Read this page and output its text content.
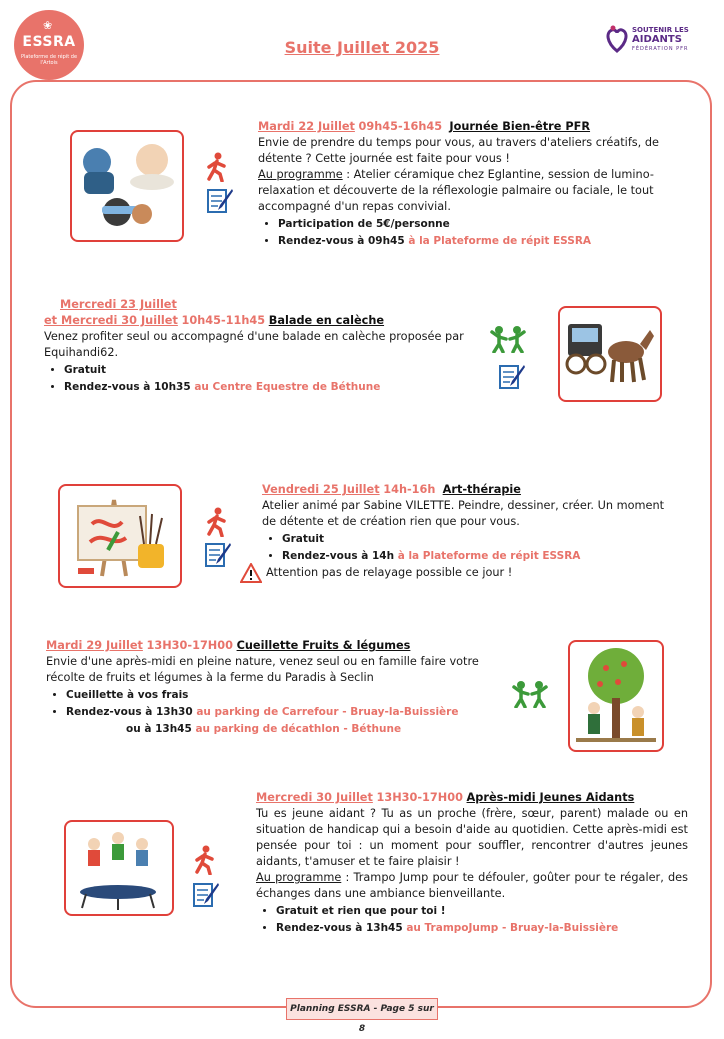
❀
ESSRA
Plateforme de répit de l'Artois
Suite Juillet 2025
SOUTENIR LES
AIDANTS
FÉDÉRATION PFR

Mardi 22 Juillet 09h45-16h45 Journée Bien-être PFR

Envie de prendre du temps pour vous, au travers d'ateliers créatifs, de détente ? Cette journée est faite pour vous !

Au programme : Atelier céramique chez Eglantine, session de lumino-relaxation et découverte de la réflexologie palmaire ou faciale, le tout accompagné d'un repas convivial.

• Participation de 5€/personne
• Rendez-vous à 09h45 à la Plateforme de répit ESSRA

Mercredi 23 Juillet

et Mercredi 30 Juillet 10h45-11h45 Balade en calèche

Venez profiter seul ou accompagné d'une balade en calèche proposée par Equihandi62.

• Gratuit
• Rendez-vous à 10h35 au Centre Equestre de Béthune

Vendredi 25 Juillet 14h-16h Art-thérapie

Atelier animé par Sabine VILETTE. Peindre, dessiner, créer. Un moment de détente et de création rien que pour vous.

• Gratuit
• Rendez-vous à 14h à la Plateforme de répit ESSRA

Attention pas de relayage possible ce jour !

Mardi 29 Juillet 13H30-17H00 Cueillette Fruits & légumes

Envie d'une après-midi en pleine nature, venez seul ou en famille faire votre récolte de fruits et légumes à la ferme du Paradis à Seclin

• Cueillette à vos frais
• Rendez-vous à 13h30 au parking de Carrefour - Bruay-la-Buissière

ou à 13h45 au parking de décathlon - Béthune

Mercredi 30 Juillet 13H30-17H00 Après-midi Jeunes Aidants

Tu es jeune aidant ? Tu as un proche (frère, sœur, parent) malade ou en situation de handicap qui a besoin d'aide au quotidien. Cette après-midi est pensée pour toi : un moment pour souffler, rencontrer d'autres jeunes aidants, t'amuser et te faire plaisir !

Au programme : Trampo Jump pour te défouler, goûter pour te régaler, des échanges dans une ambiance bienveillante.

• Gratuit et rien que pour toi !
• Rendez-vous à 13h45 au TrampoJump - Bruay-la-Buissière
Planning ESSRA - Page 5 sur 8
